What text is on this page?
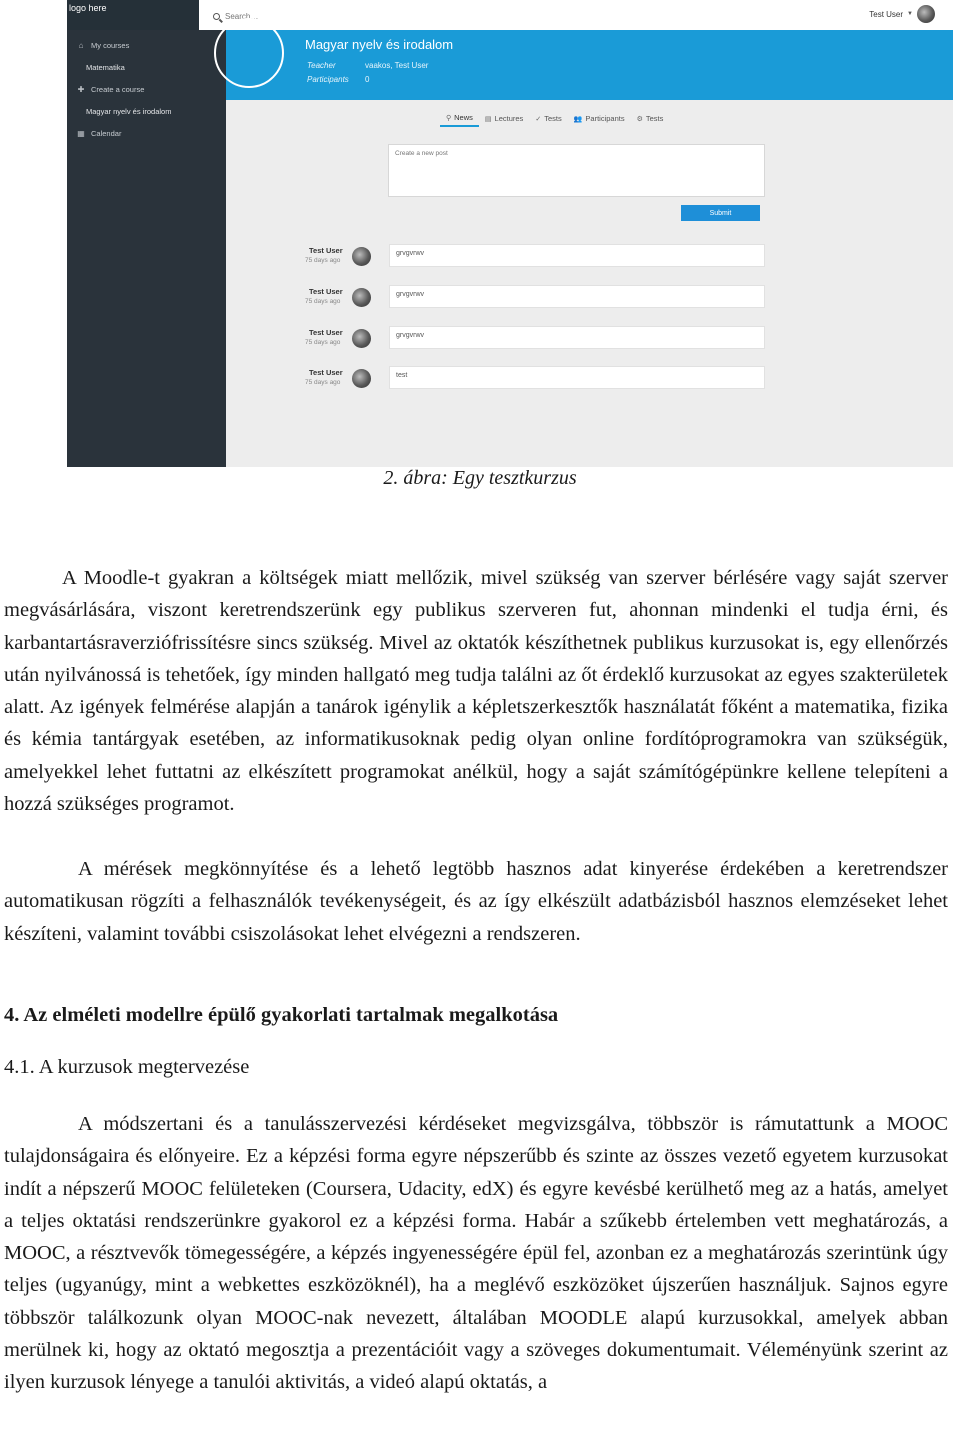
logo here
Search…
Test User ▼
⌂ My courses
Matematika
✚ Create a course
Magyar nyelv és irodalom
▦ Calendar
Magyar nyelv és irodalom
Teacher	vaakos, Test User
Participants 0
⚲ News ▤ Lectures ✓ Tests 👥 Participants ⚙ Tests
Create a new post
Submit
Test User
75 days ago
grvgvrwv
Test User
75 days ago
grvgvrwv
Test User
75 days ago
grvgvrwv
Test User
75 days ago
test
2. ábra: Egy tesztkurzus

A Moodle-t gyakran a költségek miatt mellőzik, mivel szükség van szerver bérlésére vagy saját szerver megvásárlására, viszont keretrendszerünk egy publikus szerveren fut, ahonnan mindenki el tudja érni, és karbantartásraverziófrissítésre sincs szükség. Mivel az oktatók készíthetnek publikus kurzusokat is, egy ellenőrzés után nyilvánossá is tehetőek, így minden hallgató meg tudja találni az őt érdeklő kurzusokat az egyes szakterületek alatt. Az igények felmérése alapján a tanárok igénylik a képletszerkesztők használatát főként a matematika, fizika és kémia tantárgyak esetében, az informatikusoknak pedig olyan online fordítóprogramokra van szükségük, amelyekkel lehet futtatni az elkészített programokat anélkül, hogy a saját számítógépünkre kellene telepíteni a hozzá szükséges programot.

A mérések megkönnyítése és a lehető legtöbb hasznos adat kinyerése érdekében a keretrendszer automatikusan rögzíti a felhasználók tevékenységeit, és az így elkészült adatbázisból hasznos elemzéseket lehet készíteni, valamint további csiszolásokat lehet elvégezni a rendszeren.

4. Az elméleti modellre épülő gyakorlati tartalmak megalkotása
4.1. A kurzusok megtervezése

A módszertani és a tanulásszervezési kérdéseket megvizsgálva, többször is rámutattunk a MOOC tulajdonságaira és előnyeire. Ez a képzési forma egyre népszerűbb és szinte az összes vezető egyetem kurzusokat indít a népszerű MOOC felületeken (Coursera, Udacity, edX) és egyre kevésbé kerülhető meg az a hatás, amelyet a teljes oktatási rendszerünkre gyakorol ez a képzési forma. Habár a szűkebb értelemben vett meghatározás, a MOOC, a résztvevők tömegességére, a képzés ingyenességére épül fel, azonban ez a meghatározás szerintünk úgy teljes (ugyanúgy, mint a webkettes eszközöknél), ha a meglévő eszközöket újszerűen használjuk. Sajnos egyre többször találkozunk olyan MOOC-nak nevezett, általában MOODLE alapú kurzusokkal, amelyek abban merülnek ki, hogy az oktató megosztja a prezentációit vagy a szöveges dokumentumait. Véleményünk szerint az ilyen kurzusok lényege a tanulói aktivitás, a videó alapú oktatás, a
